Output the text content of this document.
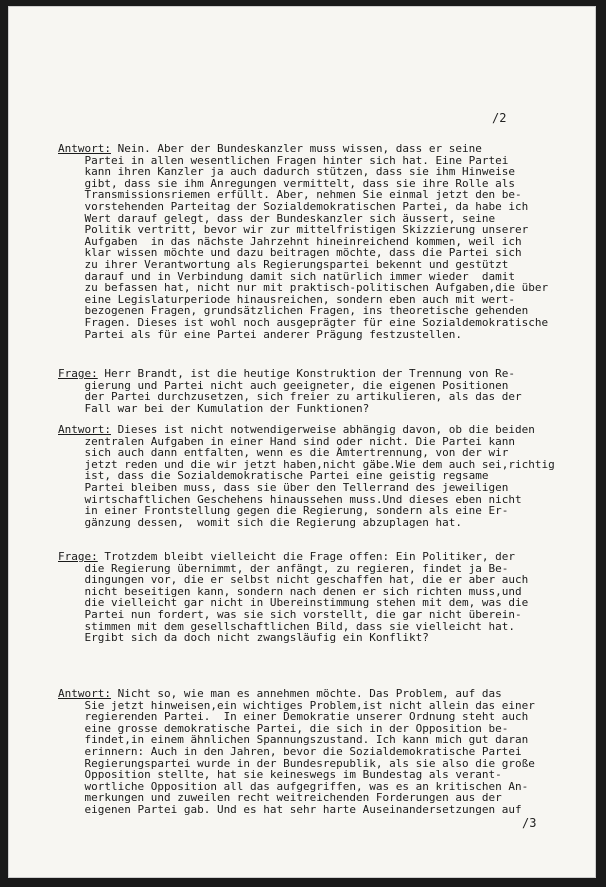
/2
Antwort: Nein. Aber der Bundeskanzler muss wissen, dass er seine
Partei in allen wesentlichen Fragen hinter sich hat. Eine Partei
kann ihren Kanzler ja auch dadurch stützen, dass sie ihm Hinweise
gibt, dass sie ihm Anregungen vermittelt, dass sie ihre Rolle als
Transmissionsriemen erfüllt. Aber, nehmen Sie einmal jetzt den be-
vorstehenden Parteitag der Sozialdemokratischen Partei, da habe ich
Wert darauf gelegt, dass der Bundeskanzler sich äussert, seine
Politik vertritt, bevor wir zur mittelfristigen Skizzierung unserer
Aufgaben  in das nächste Jahrzehnt hineinreichend kommen, weil ich
klar wissen möchte und dazu beitragen möchte, dass die Partei sich
zu ihrer Verantwortung als Regierungspartei bekennt und gestützt
darauf und in Verbindung damit sich natürlich immer wieder  damit
zu befassen hat, nicht nur mit praktisch-politischen Aufgaben,die über
eine Legislaturperiode hinausreichen, sondern eben auch mit wert-
bezogenen Fragen, grundsätzlichen Fragen, ins theoretische gehenden
Fragen. Dieses ist wohl noch ausgeprägter für eine Sozialdemokratische
Partei als für eine Partei anderer Prägung festzustellen.
Frage: Herr Brandt, ist die heutige Konstruktion der Trennung von Re-
gierung und Partei nicht auch geeigneter, die eigenen Positionen
der Partei durchzusetzen, sich freier zu artikulieren, als das der
Fall war bei der Kumulation der Funktionen?
Antwort: Dieses ist nicht notwendigerweise abhängig davon, ob die beiden
zentralen Aufgaben in einer Hand sind oder nicht. Die Partei kann
sich auch dann entfalten, wenn es die Ämtertrennung, von der wir
jetzt reden und die wir jetzt haben,nicht gäbe.Wie dem auch sei,richtig
ist, dass die Sozialdemokratische Partei eine geistig regsame
Partei bleiben muss, dass sie über den Tellerrand des jeweiligen
wirtschaftlichen Geschehens hinaussehen muss.Und dieses eben nicht
in einer Frontstellung gegen die Regierung, sondern als eine Er-
gänzung dessen,  womit sich die Regierung abzuplagen hat.
Frage: Trotzdem bleibt vielleicht die Frage offen: Ein Politiker, der
die Regierung übernimmt, der anfängt, zu regieren, findet ja Be-
dingungen vor, die er selbst nicht geschaffen hat, die er aber auch
nicht beseitigen kann, sondern nach denen er sich richten muss,und
die vielleicht gar nicht in Übereinstimmung stehen mit dem, was die
Partei nun fordert, was sie sich vorstellt, die gar nicht überein-
stimmen mit dem gesellschaftlichen Bild, dass sie vielleicht hat.
Ergibt sich da doch nicht zwangsläufig ein Konflikt?
Antwort: Nicht so, wie man es annehmen möchte. Das Problem, auf das
Sie jetzt hinweisen,ein wichtiges Problem,ist nicht allein das einer
regierenden Partei.  In einer Demokratie unserer Ordnung steht auch
eine grosse demokratische Partei, die sich in der Opposition be-
findet,in einem ähnlichen Spannungszustand. Ich kann mich gut daran
erinnern: Auch in den Jahren, bevor die Sozialdemokratische Partei
Regierungspartei wurde in der Bundesrepublik, als sie also die große
Opposition stellte, hat sie keineswegs im Bundestag als verant-
wortliche Opposition all das aufgegriffen, was es an kritischen An-
merkungen und zuweilen recht weitreichenden Forderungen aus der
eigenen Partei gab. Und es hat sehr harte Auseinandersetzungen auf
/3
